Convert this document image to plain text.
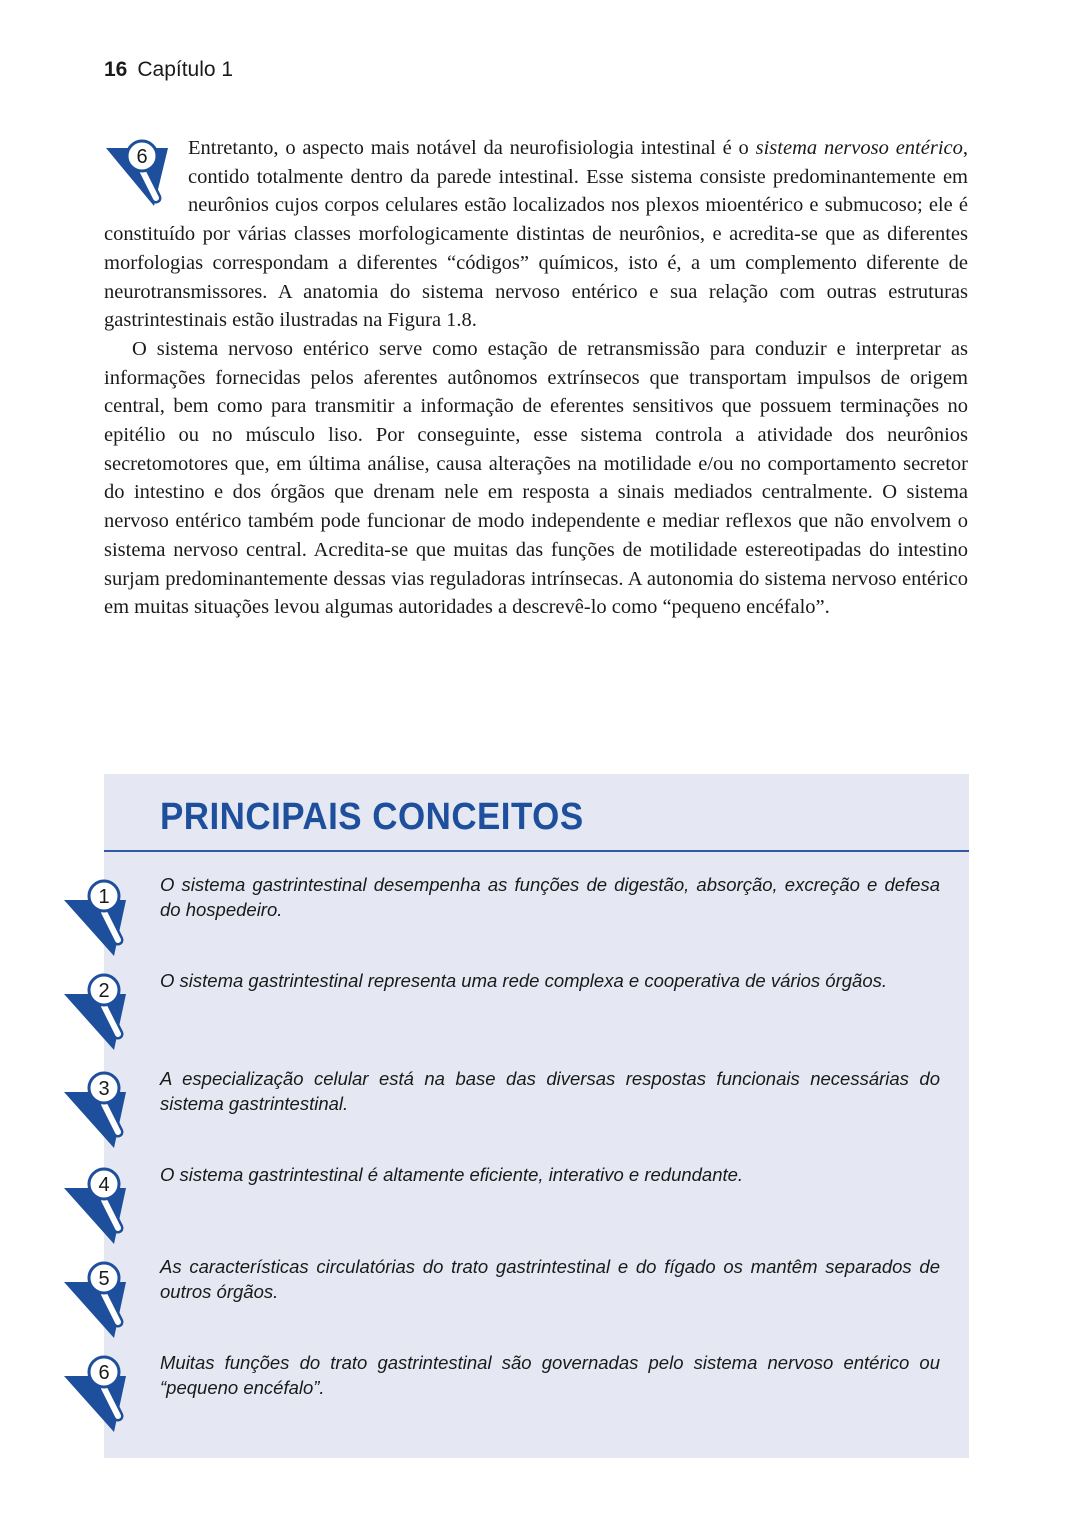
16 Capítulo 1
6	Entretanto, o aspecto mais notável da neurofisiologia intestinal é o sistema nervoso entérico, contido totalmente dentro da parede intestinal. Esse sistema consiste predominantemente em neurônios cujos corpos celulares estão localizados nos plexos mioentérico e submucoso; ele é constituído por várias classes morfologicamente distintas de neurônios, e acredita-se que as diferentes morfologias correspondam a diferentes “códigos” químicos, isto é, a um complemento diferente de neurotransmissores. A anatomia do sistema nervoso entérico e sua relação com outras estruturas gastrintestinais estão ilustradas na Figura 1.8.

O sistema nervoso entérico serve como estação de retransmissão para conduzir e interpretar as informações fornecidas pelos aferentes autônomos extrínsecos que transportam impulsos de origem central, bem como para transmitir a informação de eferentes sensitivos que possuem terminações no epitélio ou no músculo liso. Por conseguinte, esse sistema controla a atividade dos neurônios secretomotores que, em última análise, causa alterações na motilidade e/ou no comportamento secretor do intestino e dos órgãos que drenam nele em resposta a sinais mediados centralmente. O sistema nervoso entérico também pode funcionar de modo independente e mediar reflexos que não envolvem o sistema nervoso central. Acredita-se que muitas das funções de motilidade estereotipadas do intestino surjam predominantemente dessas vias reguladoras intrínsecas. A autonomia do sistema nervoso entérico em muitas situações levou algumas autoridades a descrevê-lo como “pequeno encéfalo”.

PRINCIPAIS CONCEITOS
1
O sistema gastrintestinal desempenha as funções de digestão, absorção, excreção e defesa do hospedeiro.
2	O sistema gastrintestinal representa uma rede complexa e cooperativa de vários órgãos.
3	A especialização celular está na base das diversas respostas funcionais necessárias do sistema gastrintestinal.
4	O sistema gastrintestinal é altamente eficiente, interativo e redundante.
5
As características circulatórias do trato gastrintestinal e do fígado os mantêm separados de outros órgãos.
6	Muitas funções do trato gastrintestinal são governadas pelo sistema nervoso entérico ou “pequeno encéfalo”.
